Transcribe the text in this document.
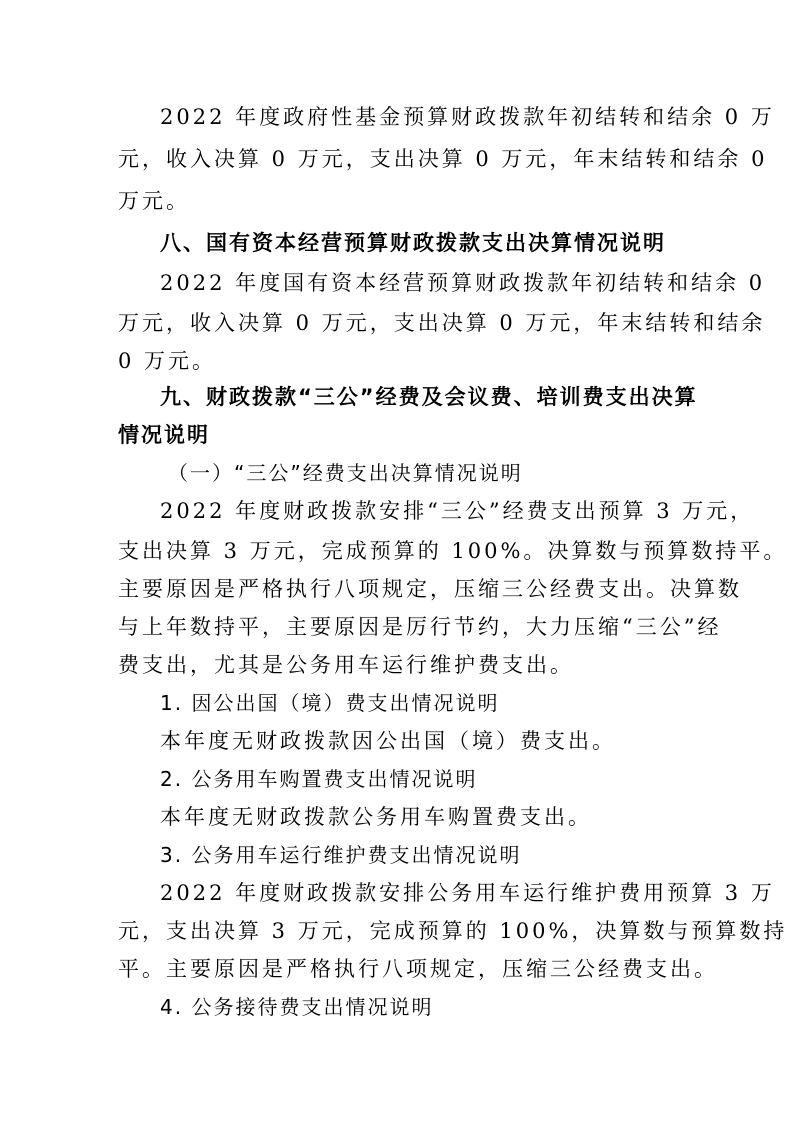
2022 年度政府性基金预算财政拨款年初结转和结余 0 万
元，收入决算 0 万元，支出决算 0 万元，年末结转和结余 0
万元。
八、国有资本经营预算财政拨款支出决算情况说明
2022 年度国有资本经营预算财政拨款年初结转和结余 0
万元，收入决算 0 万元，支出决算 0 万元，年末结转和结余
0 万元。
九、财政拨款“三公”经费及会议费、培训费支出决算
情况说明
（一）“三公”经费支出决算情况说明
2022 年度财政拨款安排“三公”经费支出预算 3 万元，
支出决算 3 万元，完成预算的 100%。决算数与预算数持平。
主要原因是严格执行八项规定，压缩三公经费支出。决算数
与上年数持平，主要原因是厉行节约，大力压缩“三公”经
费支出，尤其是公务用车运行维护费支出。
1. 因公出国（境）费支出情况说明
本年度无财政拨款因公出国（境）费支出。
2. 公务用车购置费支出情况说明
本年度无财政拨款公务用车购置费支出。
3. 公务用车运行维护费支出情况说明
2022 年度财政拨款安排公务用车运行维护费用预算 3 万
元，支出决算 3 万元，完成预算的 100%，决算数与预算数持
平。主要原因是严格执行八项规定，压缩三公经费支出。
4. 公务接待费支出情况说明
